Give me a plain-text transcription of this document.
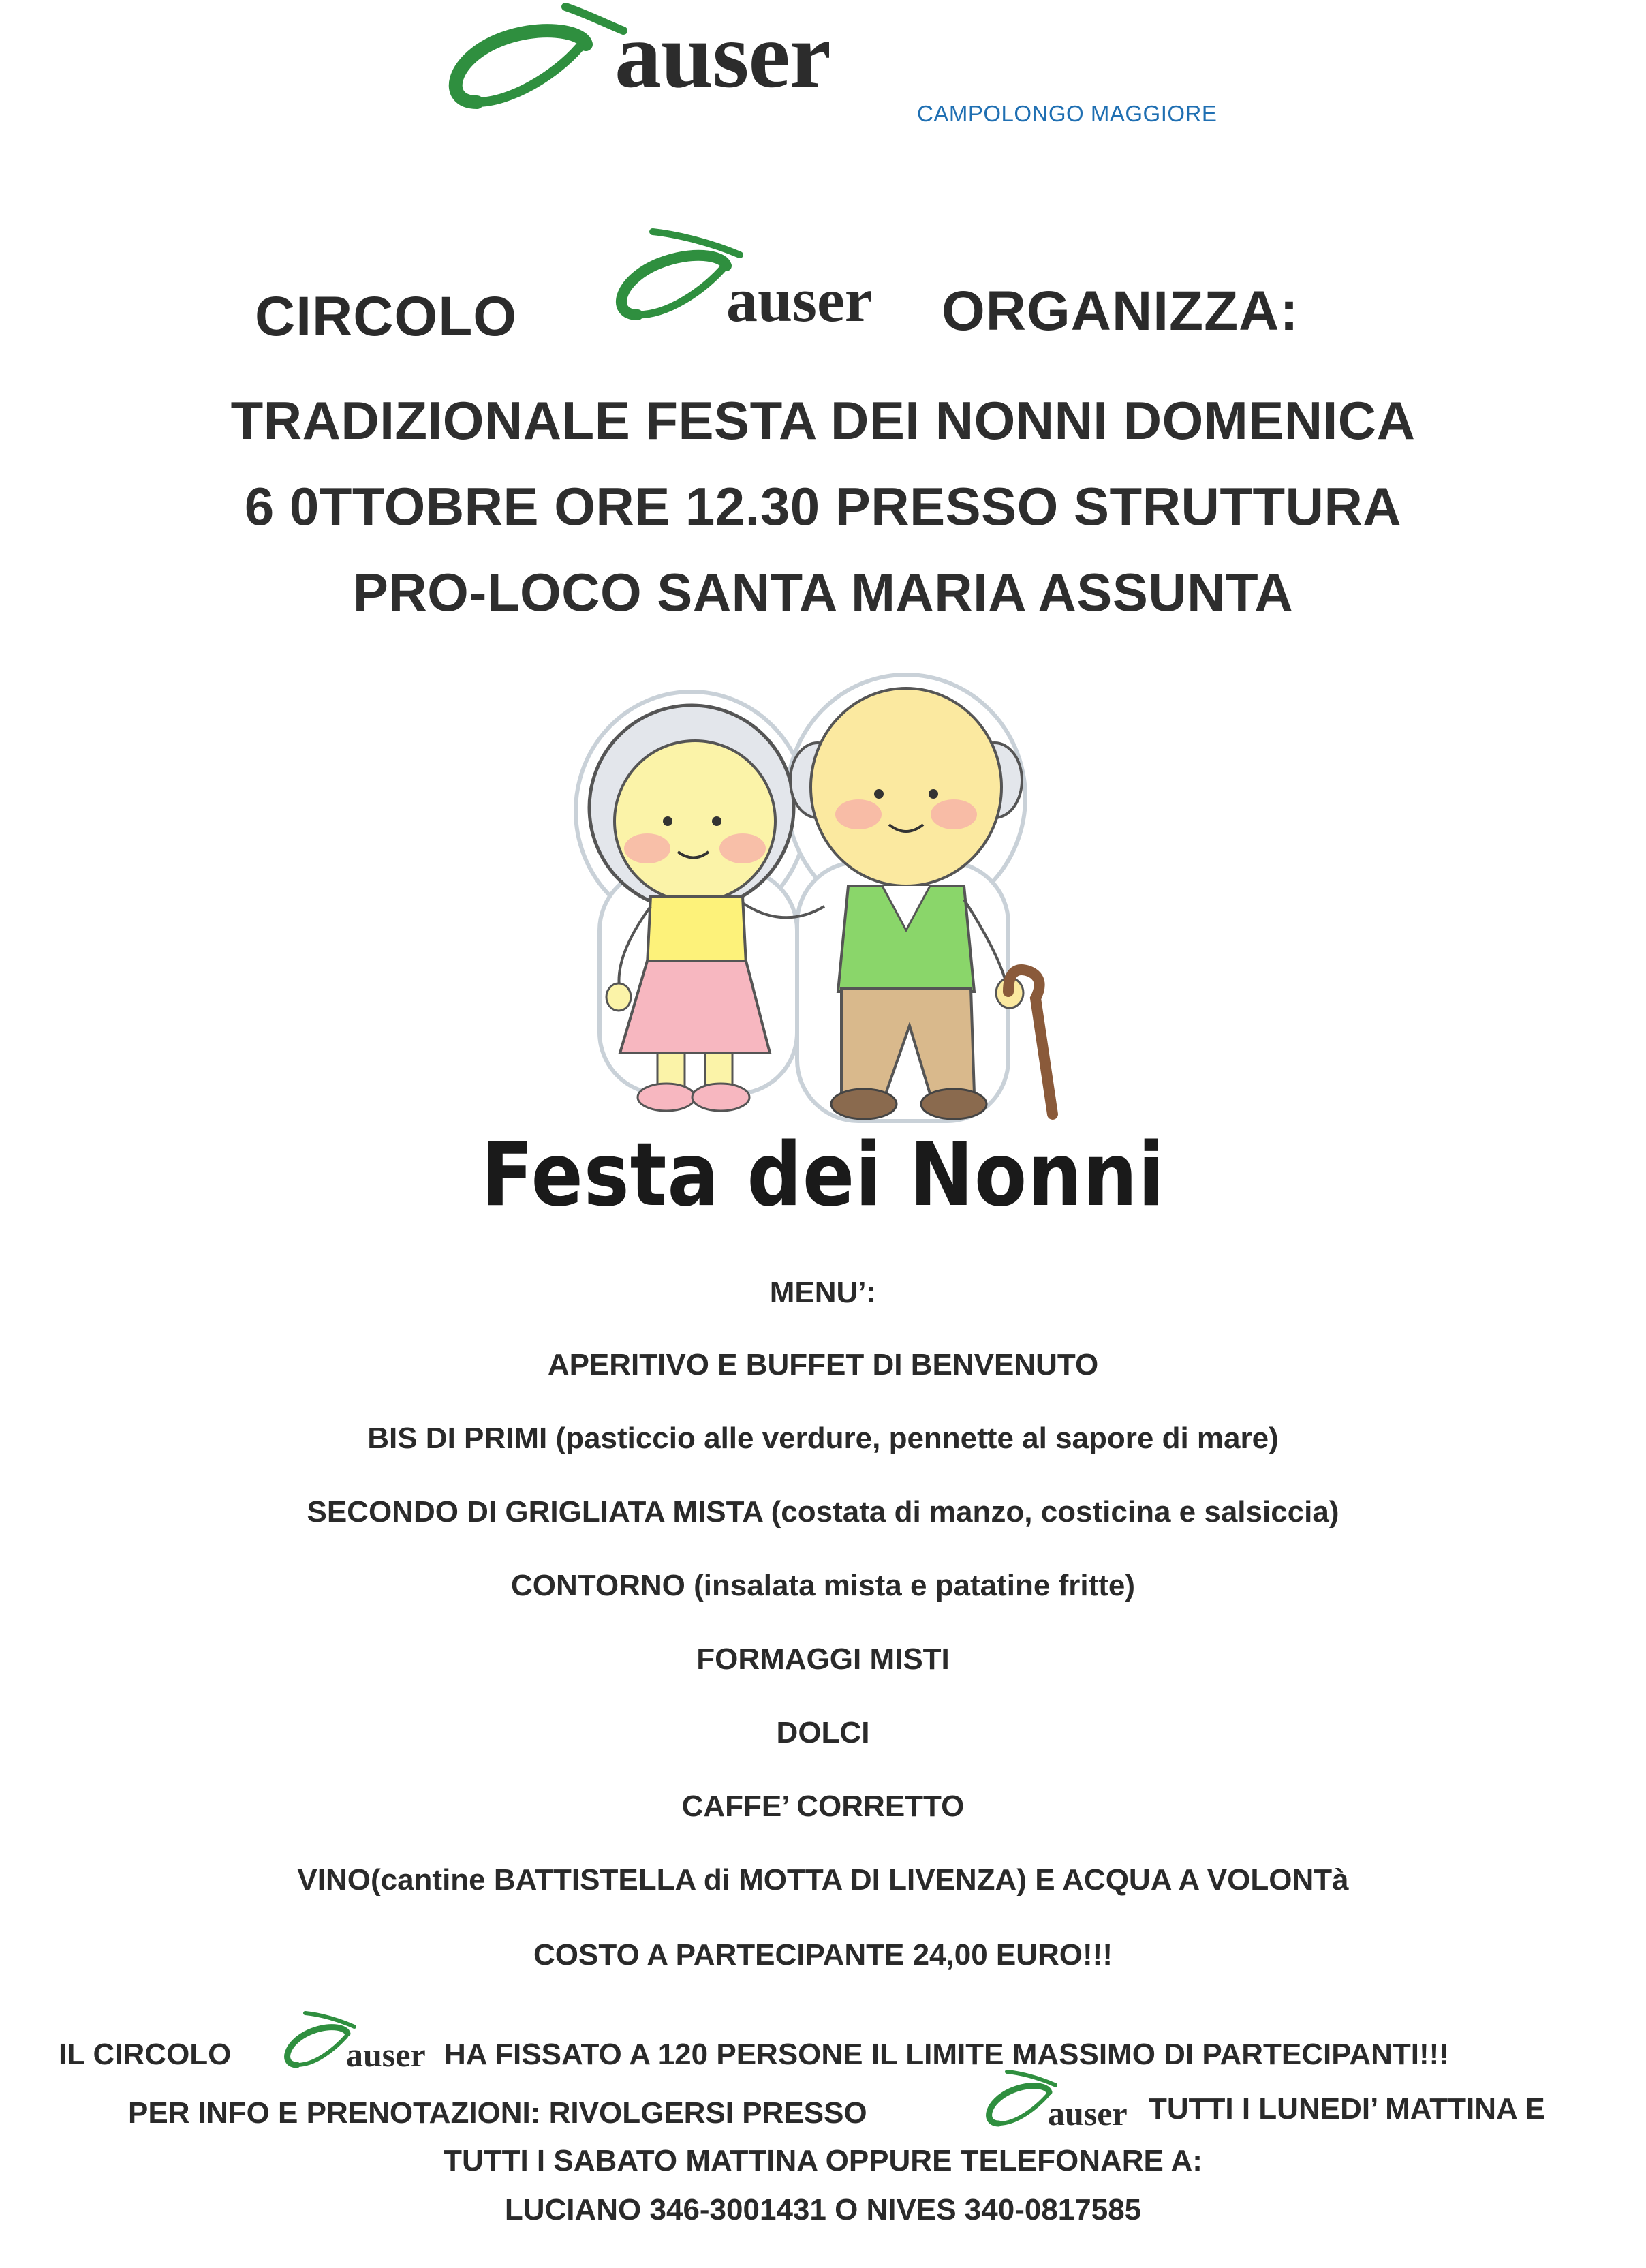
auser
CAMPOLONGO MAGGIORE
CIRCOLO	auser ORGANIZZA:
TRADIZIONALE FESTA DEI NONNI DOMENICA
6 0TTOBRE ORE 12.30 PRESSO STRUTTURA
PRO-LOCO SANTA MARIA ASSUNTA
Festa dei Nonni
MENU’:
APERITIVO E BUFFET DI BENVENUTO
BIS DI PRIMI (pasticcio alle verdure, pennette al sapore di mare)
SECONDO DI GRIGLIATA MISTA (costata di manzo, costicina e salsiccia)
CONTORNO (insalata mista e patatine fritte)
FORMAGGI MISTI
DOLCI
CAFFE’ CORRETTO
VINO(cantine BATTISTELLA di MOTTA DI LIVENZA) E ACQUA A VOLONTà
COSTO A PARTECIPANTE 24,00 EURO!!!
IL CIRCOLO	auser HA FISSATO A 120 PERSONE IL LIMITE MASSIMO DI PARTECIPANTI!!!
PER INFO E PRENOTAZIONI: RIVOLGERSI PRESSO	auser TUTTI I LUNEDI’ MATTINA E
TUTTI I SABATO MATTINA OPPURE TELEFONARE A:
LUCIANO 346-3001431 O NIVES 340-0817585
